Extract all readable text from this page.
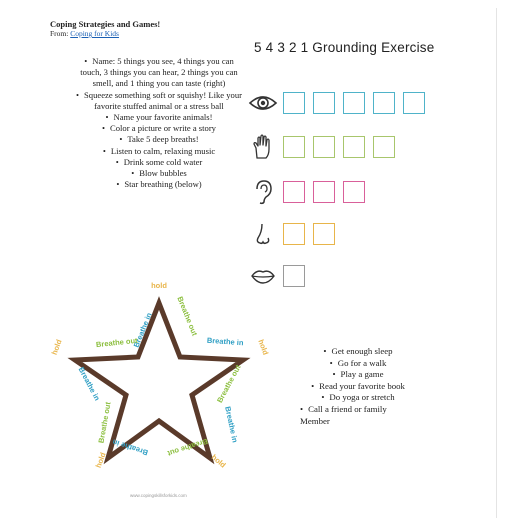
Coping Strategies and Games!
From: Coping for Kids
• Name: 5 things you see, 4 things you can touch, 3 things you can hear, 2 things you can smell, and 1 thing you can taste (right)
• Squeeze something soft or squishy! Like your favorite stuffed animal or a stress ball
• Name your favorite animals!
• Color a picture or write a story
• Take 5 deep breaths!
• Listen to calm, relaxing music
• Drink some cold water
• Blow bubbles
• Star breathing (below)
5 4 3 2 1 Grounding Exercise
hold
Breathe in	Breathe out
hold
Breathe in
Breathe out
hold
Breathe in	Breathe out
Breathe out	Breathe in
Breathe in Breathe out
hold	hold
• Get enough sleep
• Go for a walk
• Play a game
• Read your favorite book
• Do yoga or stretch
• Call a friend or family Member
www.copingskillsforkids.com
